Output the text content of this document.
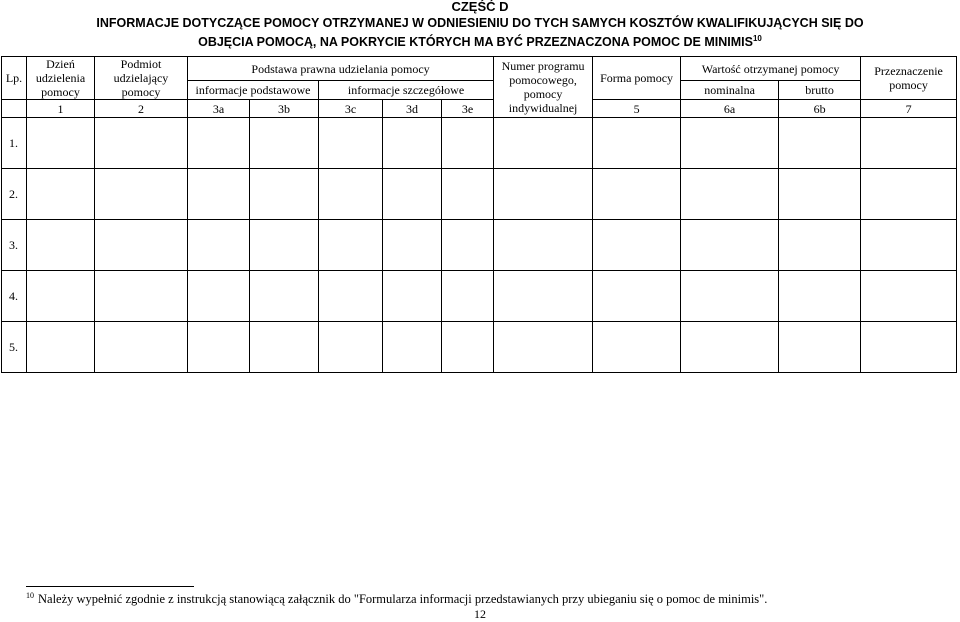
CZĘŚĆ D
INFORMACJE DOTYCZĄCE POMOCY OTRZYMANEJ W ODNIESIENIU DO TYCH SAMYCH KOSZTÓW KWALIFIKUJĄCYCH SIĘ DO
OBJĘCIA POMOCĄ, NA POKRYCIE KTÓRYCH MA BYĆ PRZEZNACZONA POMOC DE MINIMIS$^{10}$
Lp.	Dzień udzielenia pomocy	Podmiot udzielający pomocy	Podstawa prawna udzielania pomocy					Numer programu pomocowego, pomocy indywidualnej	Forma pomocy	Wartość otrzymanej pomocy		Przeznaczenie pomocy

			informacje podstawowe		informacje szczegółowe					nominalna	brutto	
	1	2	3a	3b	3c	3d	3e		5	6a	6b	7
1.												
2.												
3.												
4.												
5.												
$^{10}$ Należy wypełnić zgodnie z instrukcją stanowiącą załącznik do "Formularza informacji przedstawianych przy ubieganiu się o pomoc de minimis".
12
